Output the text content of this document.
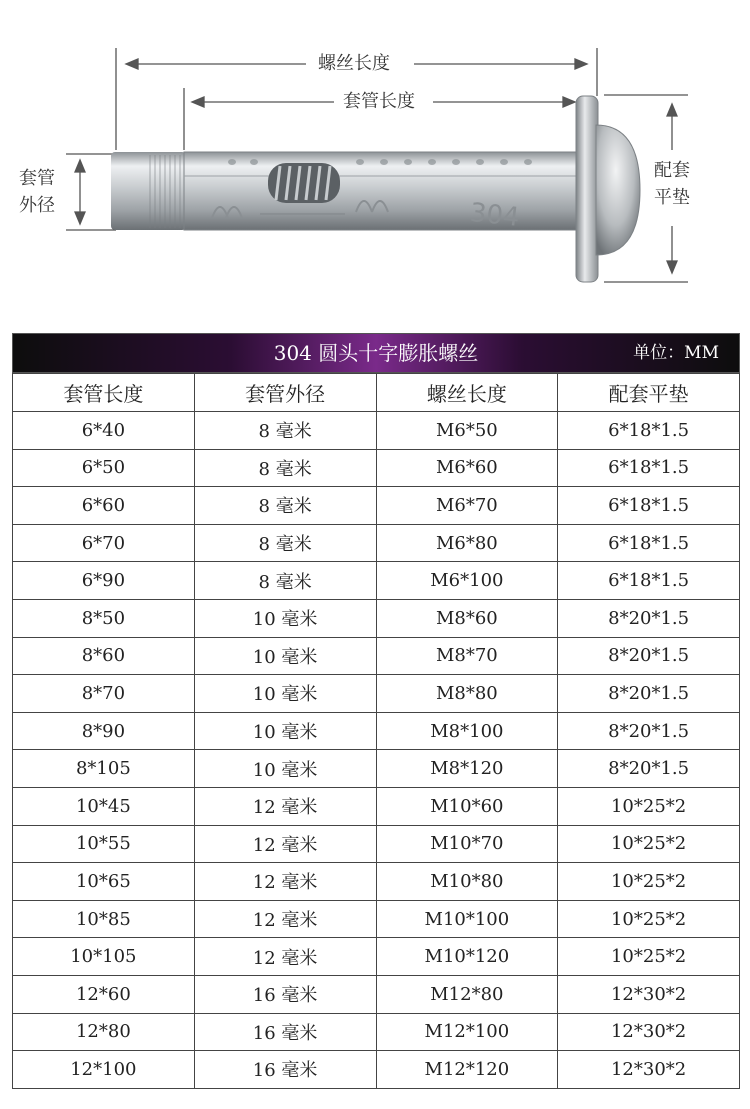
304
螺丝长度
套管长度
套管
外径
配套
平垫
304 圆头十字膨胀螺丝	单位：MM
套管长度	套管外径	螺丝长度	配套平垫
6*40	8 毫米	M6*50	6*18*1.5
6*50	8 毫米	M6*60	6*18*1.5
6*60	8 毫米	M6*70	6*18*1.5
6*70	8 毫米	M6*80	6*18*1.5
6*90	8 毫米	M6*100	6*18*1.5
8*50	10 毫米	M8*60	8*20*1.5
8*60	10 毫米	M8*70	8*20*1.5
8*70	10 毫米	M8*80	8*20*1.5
8*90	10 毫米	M8*100	8*20*1.5
8*105	10 毫米	M8*120	8*20*1.5
10*45	12 毫米	M10*60	10*25*2
10*55	12 毫米	M10*70	10*25*2
10*65	12 毫米	M10*80	10*25*2
10*85	12 毫米	M10*100	10*25*2
10*105	12 毫米	M10*120	10*25*2
12*60	16 毫米	M12*80	12*30*2
12*80	16 毫米	M12*100	12*30*2
12*100	16 毫米	M12*120	12*30*2
